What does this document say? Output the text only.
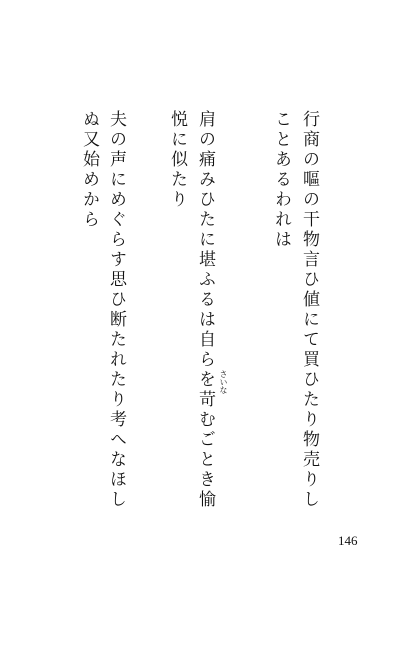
行商の嘔の干物言ひ値にて買ひたり物売りし
ことあるわれは
肩の痛みひたに堪ふるは自らを苛むごとき愉
悦に似たり
夫の声にめぐらす思ひ断たれたり考へなほし
ぬ又始めから
さいな
146
